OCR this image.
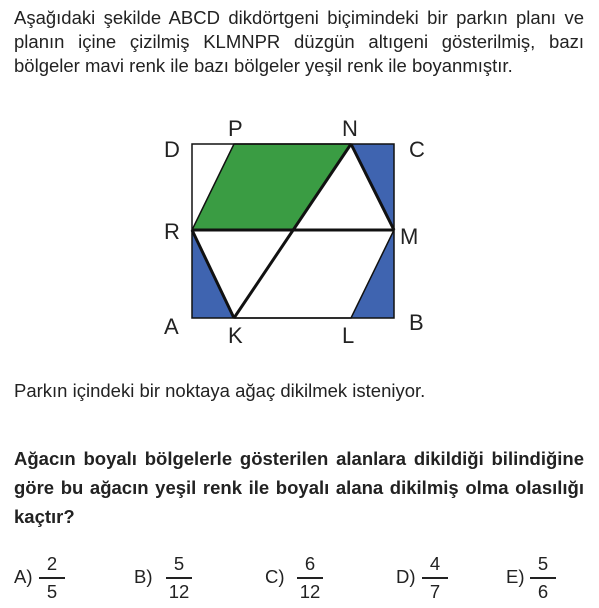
Aşağıdaki şekilde ABCD dikdörtgeni biçimindeki bir parkın planı ve planın içine çizilmiş KLMNPR düzgün altıgeni gösterilmiş, bazı bölgeler mavi renk ile bazı bölgeler yeşil renk ile boyanmıştır.
D
P	N
C
R	M
A K	L
B
Parkın içindeki bir noktaya ağaç dikilmek isteniyor.
Ağacın boyalı bölgelerle gösterilen alanlara dikildiği bilindiğine göre bu ağacın yeşil renk ile boyalı alana dikilmiş olma olasılığı kaçtır?
A)
2
5
B)
5
12
C)
6
12
D)
4
7
E)
5
6
